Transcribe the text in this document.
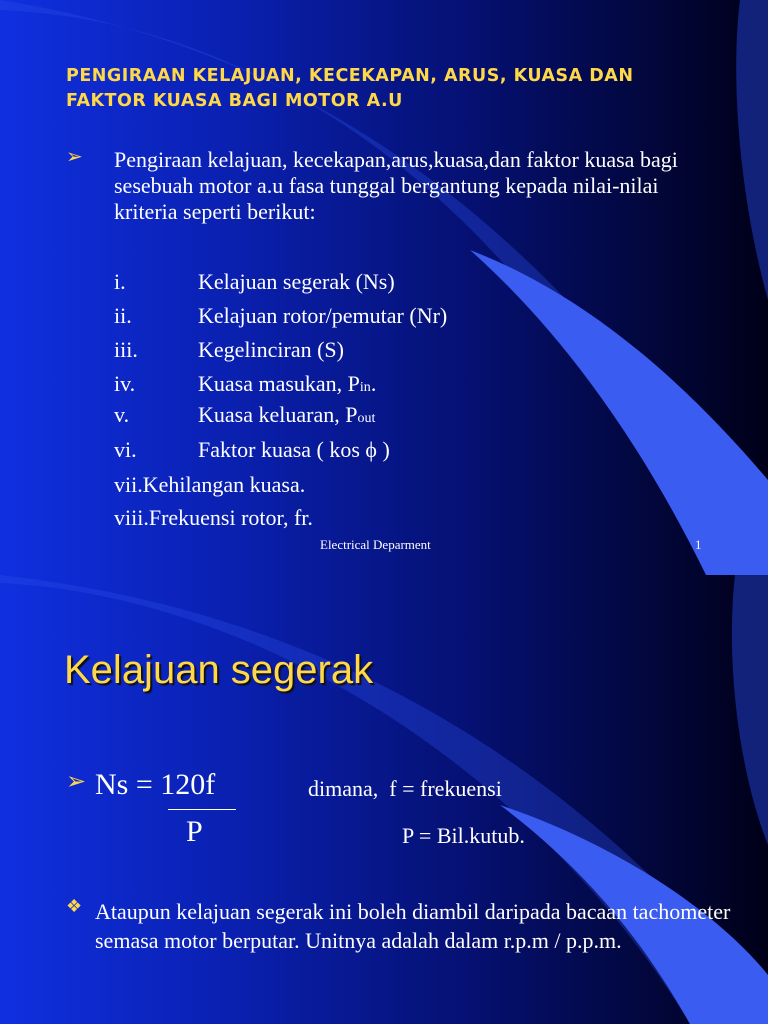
PENGIRAAN KELAJUAN, KECEKAPAN, ARUS, KUASA DAN FAKTOR KUASA BAGI MOTOR A.U
➢ Pengiraan kelajuan, kecekapan,arus,kuasa,dan faktor kuasa bagi sesebuah motor a.u fasa tunggal bergantung kepada nilai-nilai kriteria seperti berikut:

i.	Kelajuan segerak (Ns)
ii.	Kelajuan rotor/pemutar (Nr)
iii.	Kegelinciran (S)
iv.	Kuasa masukan, Pin.
v.	Kuasa keluaran, Pout
vi.	Faktor kuasa ( kos ϕ )
vii.Kehilangan kuasa.
viii.Frekuensi rotor, fr.
Electrical Deparment	1
Kelajuan segerak
➢ Ns = 120f
P
dimana,  f = frekuensi
P = Bil.kutub.
❖ Ataupun kelajuan segerak ini boleh diambil daripada bacaan tachometer semasa motor berputar. Unitnya adalah dalam r.p.m / p.p.m.
